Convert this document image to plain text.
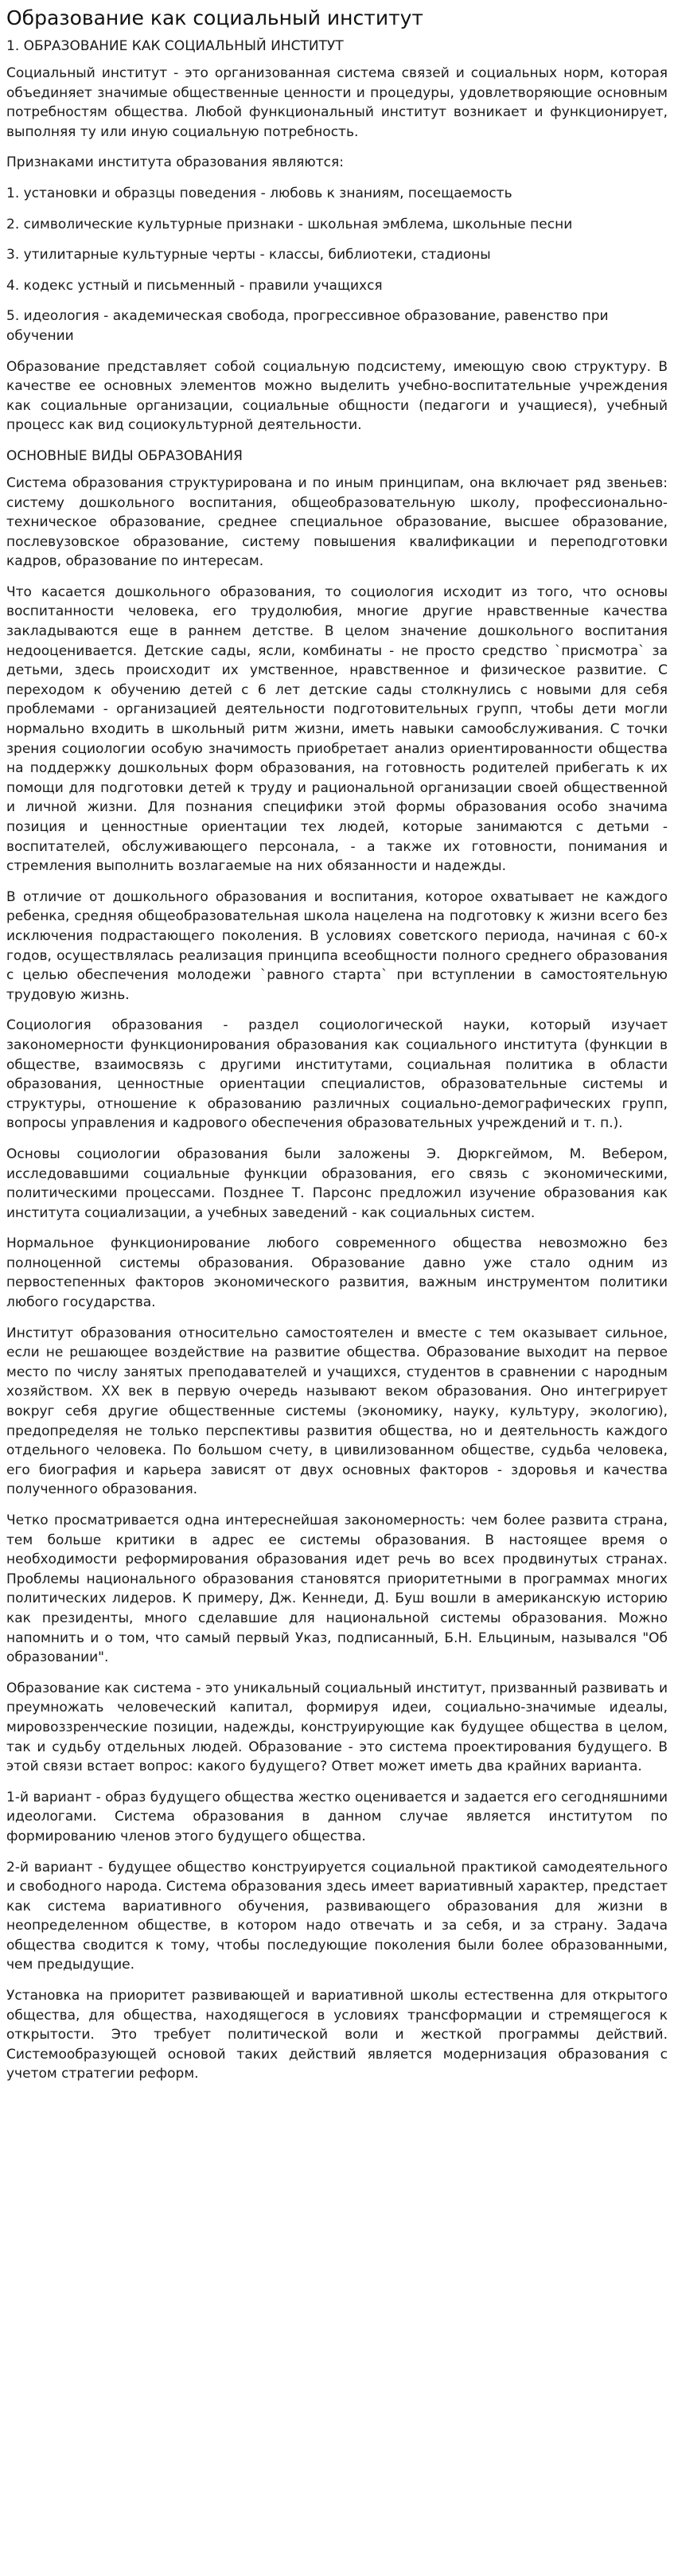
Образование как социальный институт
1. ОБРАЗОВАНИЕ КАК СОЦИАЛЬНЫЙ ИНСТИТУТ

Социальный институт - это организованная система связей и социальных норм, которая объединяет значимые общественные ценности и процедуры, удовлетворяющие основным потребностям общества. Любой функциональный институт возникает и функционирует, выполняя ту или иную социальную потребность.

Признаками института образования являются:

1. установки и образцы поведения - любовь к знаниям, посещаемость

2. символические культурные признаки - школьная эмблема, школьные песни

3. утилитарные культурные черты - классы, библиотеки, стадионы

4. кодекс устный и письменный - правили учащихся

5. идеология - академическая свобода, прогрессивное образование, равенство при обучении

Образование представляет собой социальную подсистему, имеющую свою структуру. В качестве ее основных элементов можно выделить учебно-воспитательные учреждения как социальные организации, социальные общности (педагоги и учащиеся), учебный процесс как вид социокультурной деятельности.

ОСНОВНЫЕ ВИДЫ ОБРАЗОВАНИЯ

Система образования структурирована и по иным принципам, она включает ряд звеньев: систему дошкольного воспитания, общеобразовательную школу, профессионально-техническое образование, среднее специальное образование, высшее образование, послевузовское образование, систему повышения квалификации и переподготовки кадров, образование по интересам.

Что касается дошкольного образования, то социология исходит из того, что основы воспитанности человека, его трудолюбия, многие другие нравственные качества закладываются еще в раннем детстве. В целом значение дошкольного воспитания недооценивается. Детские сады, ясли, комбинаты - не просто средство `присмотра` за детьми, здесь происходит их умственное, нравственное и физическое развитие. С переходом к обучению детей с 6 лет детские сады столкнулись с новыми для себя проблемами - организацией деятельности подготовительных групп, чтобы дети могли нормально входить в школьный ритм жизни, иметь навыки самообслуживания. С точки зрения социологии особую значимость приобретает анализ ориентированности общества на поддержку дошкольных форм образования, на готовность родителей прибегать к их помощи для подготовки детей к труду и рациональной организации своей общественной и личной жизни. Для познания специфики этой формы образования особо значима позиция и ценностные ориентации тех людей, которые занимаются с детьми - воспитателей, обслуживающего персонала, - а также их готовности, понимания и стремления выполнить возлагаемые на них обязанности и надежды.

В отличие от дошкольного образования и воспитания, которое охватывает не каждого ребенка, средняя общеобразовательная школа нацелена на подготовку к жизни всего без исключения подрастающего поколения. В условиях советского периода, начиная с 60-х годов, осуществлялась реализация принципа всеобщности полного среднего образования с целью обеспечения молодежи `равного старта` при вступлении в самостоятельную трудовую жизнь.

Социология образования - раздел социологической науки, который изучает закономерности функционирования образования как социального института (функции в обществе, взаимосвязь с другими институтами, социальная политика в области образования, ценностные ориентации специалистов, образовательные системы и структуры, отношение к образованию различных социально-демографических групп, вопросы управления и кадрового обеспечения образовательных учреждений и т. п.).

Основы социологии образования были заложены Э. Дюркгеймом, М. Вебером, исследовавшими социальные функции образования, его связь с экономическими, политическими процессами. Позднее Т. Парсонс предложил изучение образования как института социализации, а учебных заведений - как социальных систем.

Нормальное функционирование любого современного общества невозможно без полноценной системы образования. Образование давно уже стало одним из первостепенных факторов экономического развития, важным инструментом политики любого государства.

Институт образования относительно самостоятелен и вместе с тем оказывает сильное, если не решающее воздействие на развитие общества. Образование выходит на первое место по числу занятых преподавателей и учащихся, студентов в сравнении с народным хозяйством. XX век в первую очередь называют веком образования. Оно интегрирует вокруг себя другие общественные системы (экономику, науку, культуру, экологию), предопределяя не только перспективы развития общества, но и деятельность каждого отдельного человека. По большом счету, в цивилизованном обществе, судьба человека, его биография и карьера зависят от двух основных факторов - здоровья и качества полученного образования.

Четко просматривается одна интереснейшая закономерность: чем более развита страна, тем больше критики в адрес ее системы образования. В настоящее время о необходимости реформирования образования идет речь во всех продвинутых странах. Проблемы национального образования становятся приоритетными в программах многих политических лидеров. К примеру, Дж. Кеннеди, Д. Буш вошли в американскую историю как президенты, много сделавшие для национальной системы образования. Можно напомнить и о том, что самый первый Указ, подписанный, Б.Н. Ельциным, назывался "Об образовании".

Образование как система - это уникальный социальный институт, призванный развивать и преумножать человеческий капитал, формируя идеи, социально-значимые идеалы, мировоззренческие позиции, надежды, конструирующие как будущее общества в целом, так и судьбу отдельных людей. Образование - это система проектирования будущего. В этой связи встает вопрос: какого будущего? Ответ может иметь два крайних варианта.

1-й вариант - образ будущего общества жестко оценивается и задается его сегодняшними идеологами. Система образования в данном случае является институтом по формированию членов этого будущего общества.

2-й вариант - будущее общество конструируется социальной практикой самодеятельного и свободного народа. Система образования здесь имеет вариативный характер, предстает как система вариативного обучения, развивающего образования для жизни в неопределенном обществе, в котором надо отвечать и за себя, и за страну. Задача общества сводится к тому, чтобы последующие поколения были более образованными, чем предыдущие.

Установка на приоритет развивающей и вариативной школы естественна для открытого общества, для общества, находящегося в условиях трансформации и стремящегося к открытости. Это требует политической воли и жесткой программы действий. Системообразующей основой таких действий является модернизация образования с учетом стратегии реформ.
